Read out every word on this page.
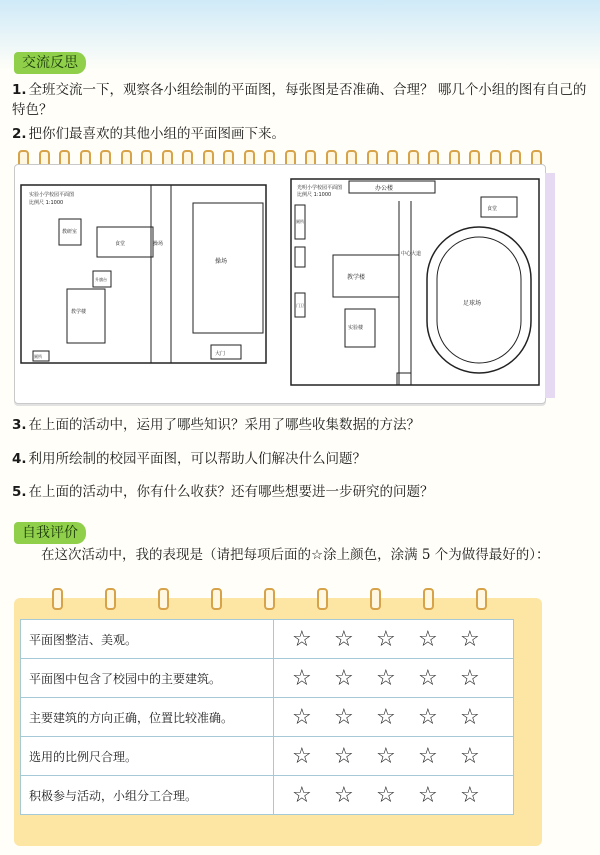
交流反思
1. 全班交流一下，观察各小组绘制的平面图，每张图是否准确、合理？ 哪几个小组的图有自己的特色？
2. 把你们最喜欢的其他小组的平面图画下来。
实验小学校园平面图
比例尺 1:1000
教研室
食堂
升旗台
教学楼
厕所
操场
大门
操场
光明小学校园平面图
比例尺 1:1000
办公楼
食堂
厕所
教学楼
实验楼
中心大道
足球场
门卫
3. 在上面的活动中，运用了哪些知识？采用了哪些收集数据的方法？
4. 利用所绘制的校园平面图，可以帮助人们解决什么问题？
5. 在上面的活动中，你有什么收获？还有哪些想要进一步研究的问题？
自我评价
在这次活动中，我的表现是（请把每项后面的☆涂上颜色，涂满 5 个为做得最好的）：
平面图整洁、美观。	☆ ☆ ☆ ☆ ☆
平面图中包含了校园中的主要建筑。	☆ ☆ ☆ ☆ ☆
主要建筑的方向正确，位置比较准确。	☆ ☆ ☆ ☆ ☆
选用的比例尺合理。	☆ ☆ ☆ ☆ ☆
积极参与活动，小组分工合理。	☆ ☆ ☆ ☆ ☆
